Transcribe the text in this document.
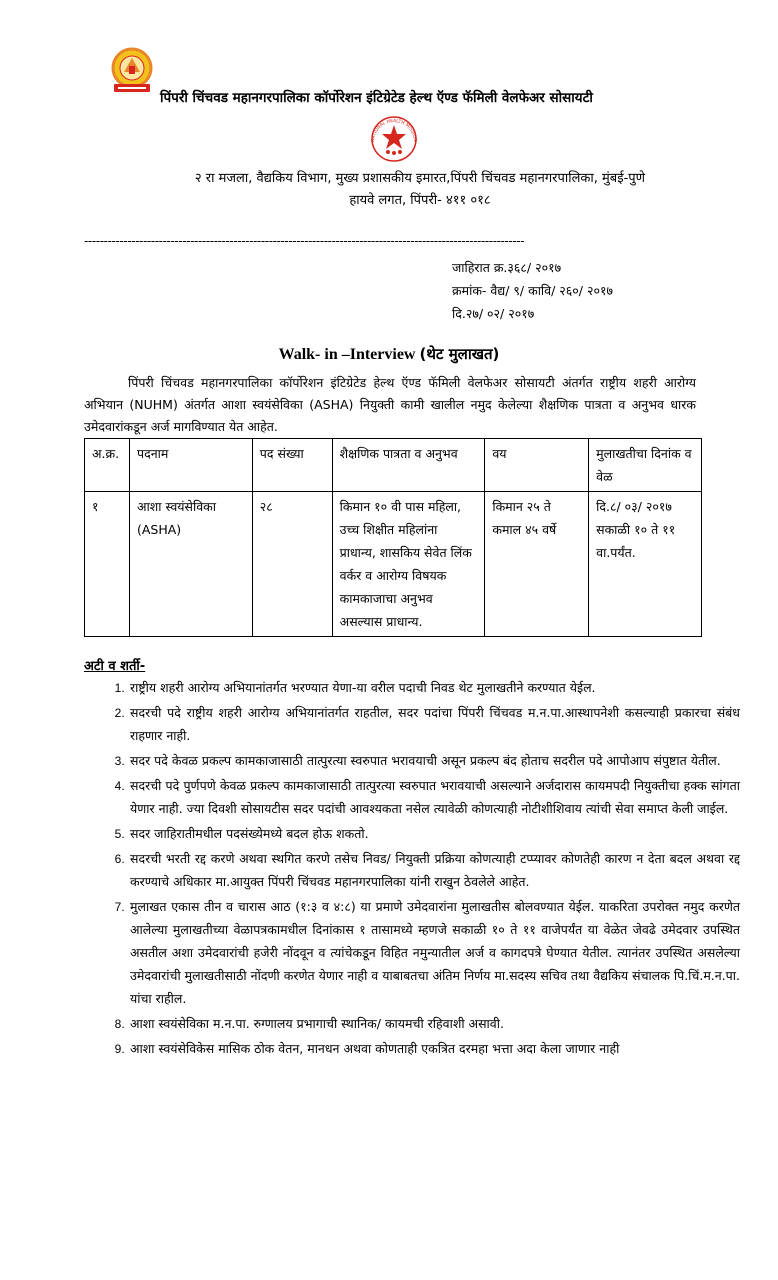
पिंपरी चिंचवड महानगरपालिका कॉर्पोरेशन इंटिग्रेटेड हेल्थ ऍण्ड फॅमिली वेलफेअर सोसायटी
NATIONAL HEALTH MISSION
२ रा मजला, वैद्यकिय विभाग, मुख्य प्रशासकीय इमारत,पिंपरी चिंचवड महानगरपालिका, मुंबई-पुणे
हायवे लगत, पिंपरी- ४११ ०१८
----------------------------------------------------------------------------------------------------------------
जाहिरात क्र.३६८/ २०१७
क्रमांक- वैद्य/ ९/ कावि/ २६०/ २०१७
दि.२७/ ०२/ २०१७
Walk- in –Interview (थेट मुलाखत)
पिंपरी चिंचवड महानगरपालिका कॉर्पोरेशन इंटिग्रेटेड हेल्थ ऍण्ड फॅमिली वेलफेअर सोसायटी अंतर्गत राष्ट्रीय शहरी आरोग्य अभियान (NUHM) अंतर्गत आशा स्वयंसेविका (ASHA) नियुक्ती कामी खालील नमुद केलेल्या शैक्षणिक पात्रता व अनुभव धारक उमेदवारांकडून अर्ज मागविण्यात येत आहेत.
अ.क्र.	पदनाम	पद संख्या	शैक्षणिक पात्रता व अनुभव	वय	मुलाखतीचा दिनांक व वेळ
१	आशा स्वयंसेविका (ASHA)	२८	किमान १० वी पास महिला, उच्च शिक्षीत महिलांना प्राधान्य, शासकिय सेवेत लिंक वर्कर व आरोग्य विषयक कामकाजाचा अनुभव असल्यास प्राधान्य.	किमान २५ ते कमाल ४५ वर्षे	दि.८/ ०३/ २०१७ सकाळी १० ते ११ वा.पर्यंत.
अटी व शर्ती-
1. राष्ट्रीय शहरी आरोग्य अभियानांतर्गत भरण्यात येणा-या वरील पदाची निवड थेट मुलाखतीने करण्यात येईल.
2. सदरची पदे राष्ट्रीय शहरी आरोग्य अभियानांतर्गत राहतील, सदर पदांचा पिंपरी चिंचवड म.न.पा.आस्थापनेशी कसल्याही प्रकारचा संबंध राहणार नाही.
3. सदर पदे केवळ प्रकल्प कामकाजासाठी तात्पुरत्या स्वरुपात भरावयाची असून प्रकल्प बंद होताच सदरील पदे आपोआप संपुष्टात येतील.
4. सदरची पदे पुर्णपणे केवळ प्रकल्प कामकाजासाठी तात्पुरत्या स्वरुपात भरावयाची असल्याने अर्जदारास कायमपदी नियुक्तीचा हक्क सांगता येणार नाही. ज्या दिवशी सोसायटीस सदर पदांची आवश्यकता नसेल त्यावेळी कोणत्याही नोटीशीशिवाय त्यांची सेवा समाप्त केली जाईल.
5. सदर जाहिरातीमधील पदसंख्येमध्ये बदल होऊ शकतो.
6. सदरची भरती रद्द करणे अथवा स्थगित करणे तसेच निवड/ नियुक्ती प्रक्रिया कोणत्याही टप्प्यावर कोणतेही कारण न देता बदल अथवा रद्द करण्याचे अधिकार मा.आयुक्त पिंपरी चिंचवड महानगरपालिका यांनी राखुन ठेवलेले आहेत.
7. मुलाखत एकास तीन व चारास आठ (१:३ व ४:८) या प्रमाणे उमेदवारांना मुलाखतीस बोलवण्यात येईल. याकरिता उपरोक्त नमुद करणेत आलेल्या मुलाखतीच्या वेळापत्रकामधील दिनांकास १ तासामध्ये म्हणजे सकाळी १० ते ११ वाजेपर्यंत या वेळेत जेवढे उमेदवार उपस्थित असतील अशा उमेदवारांची हजेरी नोंदवून व त्यांचेकडून विहित नमुन्यातील अर्ज व कागदपत्रे घेण्यात येतील. त्यानंतर उपस्थित असलेल्या उमेदवारांची मुलाखतीसाठी नोंदणी करणेत येणार नाही व याबाबतचा अंतिम निर्णय मा.सदस्य सचिव तथा वैद्यकिय संचालक पि.चिं.म.न.पा. यांचा राहील.
8. आशा स्वयंसेविका म.न.पा. रुग्णालय प्रभागाची स्थानिक/ कायमची रहिवाशी असावी.
9. आशा स्वयंसेविकेस मासिक ठोक वेतन, मानधन अथवा कोणताही एकत्रित दरमहा भत्ता अदा केला जाणार नाही
